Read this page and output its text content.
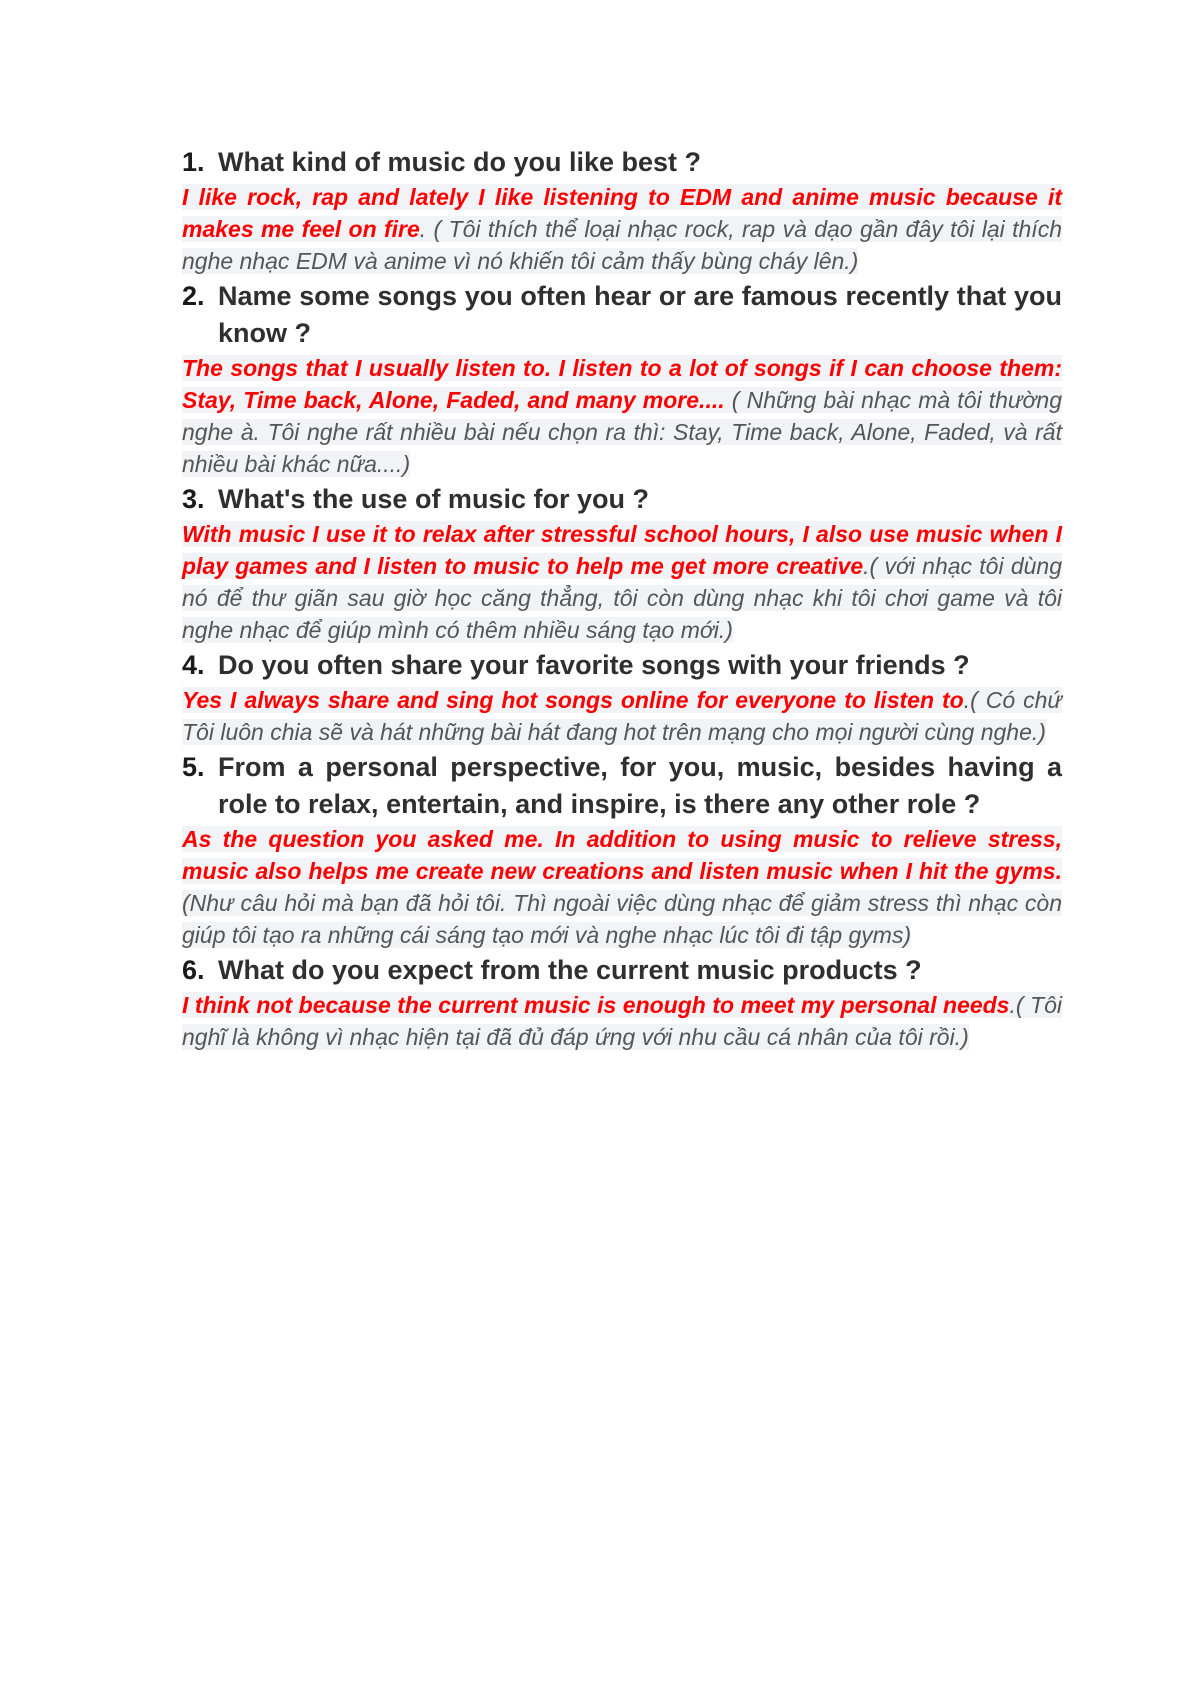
1. What kind of music do you like best ?

I like rock, rap and lately I like listening to EDM and anime music because it makes me feel on fire. ( Tôi thích thể loại nhạc rock, rap và dạo gần đây tôi lại thích nghe nhạc EDM và anime vì nó khiến tôi cảm thấy bùng cháy lên.)

2. Name some songs you often hear or are famous recently that you know ?

The songs that I usually listen to. I listen to a lot of songs if I can choose them: Stay, Time back, Alone, Faded, and many more.... ( Những bài nhạc mà tôi thường nghe à. Tôi nghe rất nhiều bài nếu chọn ra thì: Stay, Time back, Alone, Faded, và rất nhiều bài khác nữa....)

3. What's the use of music for you ?

With music I use it to relax after stressful school hours, I also use music when I play games and I listen to music to help me get more creative.( với nhạc tôi dùng nó để thư giãn sau giờ học căng thẳng, tôi còn dùng nhạc khi tôi chơi game và tôi nghe nhạc để giúp mình có thêm nhiều sáng tạo mới.)

4. Do you often share your favorite songs with your friends ?

Yes I always share and sing hot songs online for everyone to listen to.( Có chứ Tôi luôn chia sẽ và hát những bài hát đang hot trên mạng cho mọi người cùng nghe.)

5. From a personal perspective, for you, music, besides having a role to relax, entertain, and inspire, is there any other role ?

As the question you asked me. In addition to using music to relieve stress, music also helps me create new creations and listen music when I hit the gyms. (Như câu hỏi mà bạn đã hỏi tôi. Thì ngoài việc dùng nhạc để giảm stress thì nhạc còn giúp tôi tạo ra những cái sáng tạo mới và nghe nhạc lúc tôi đi tập gyms)

6. What do you expect from the current music products ?

I think not because the current music is enough to meet my personal needs.( Tôi nghĩ là không vì nhạc hiện tại đã đủ đáp ứng với nhu cầu cá nhân của tôi rồi.)
